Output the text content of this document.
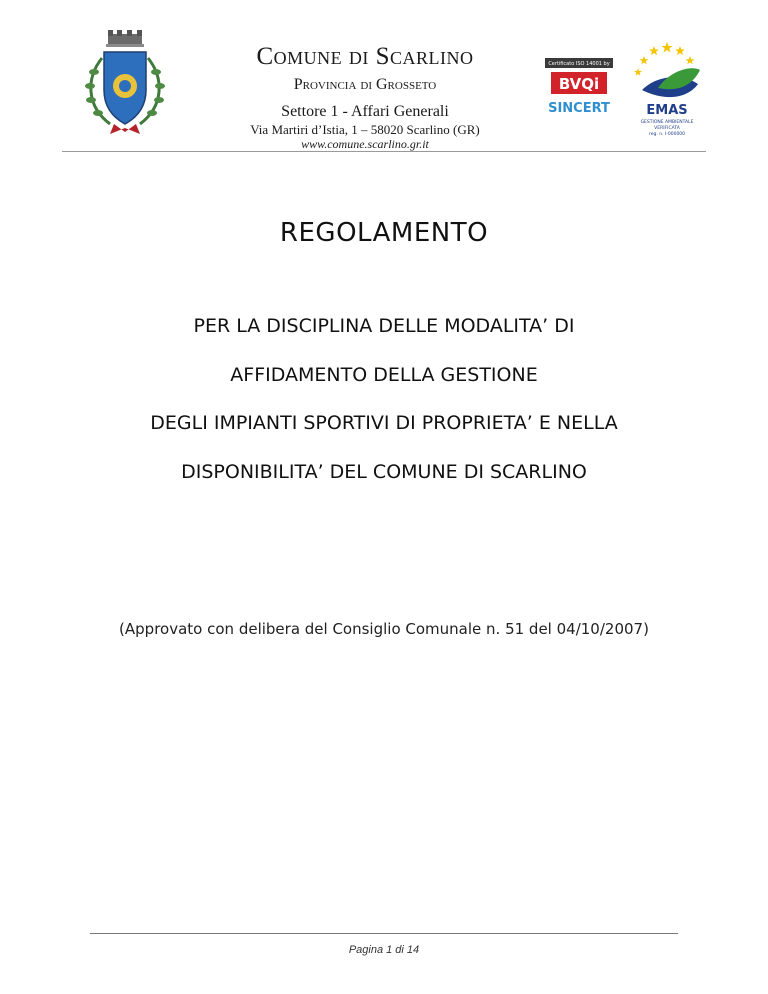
Comune di Scarlino
Provincia di Grosseto
Settore 1 - Affari Generali
Via Martiri d’Istia, 1 – 58020 Scarlino (GR)
www.comune.scarlino.gr.it
Certificato ISO 14001 by
BVQi
SINCERT	EMAS
GESTIONE AMBIENTALE
VERIFICATA
reg. n. I-000000
REGOLAMENTO
PER LA DISCIPLINA DELLE MODALITA’ DI
AFFIDAMENTO DELLA GESTIONE
DEGLI IMPIANTI SPORTIVI DI PROPRIETA’ E NELLA
DISPONIBILITA’ DEL COMUNE DI SCARLINO
(Approvato con delibera del Consiglio Comunale n. 51 del 04/10/2007)
Pagina 1 di 14
